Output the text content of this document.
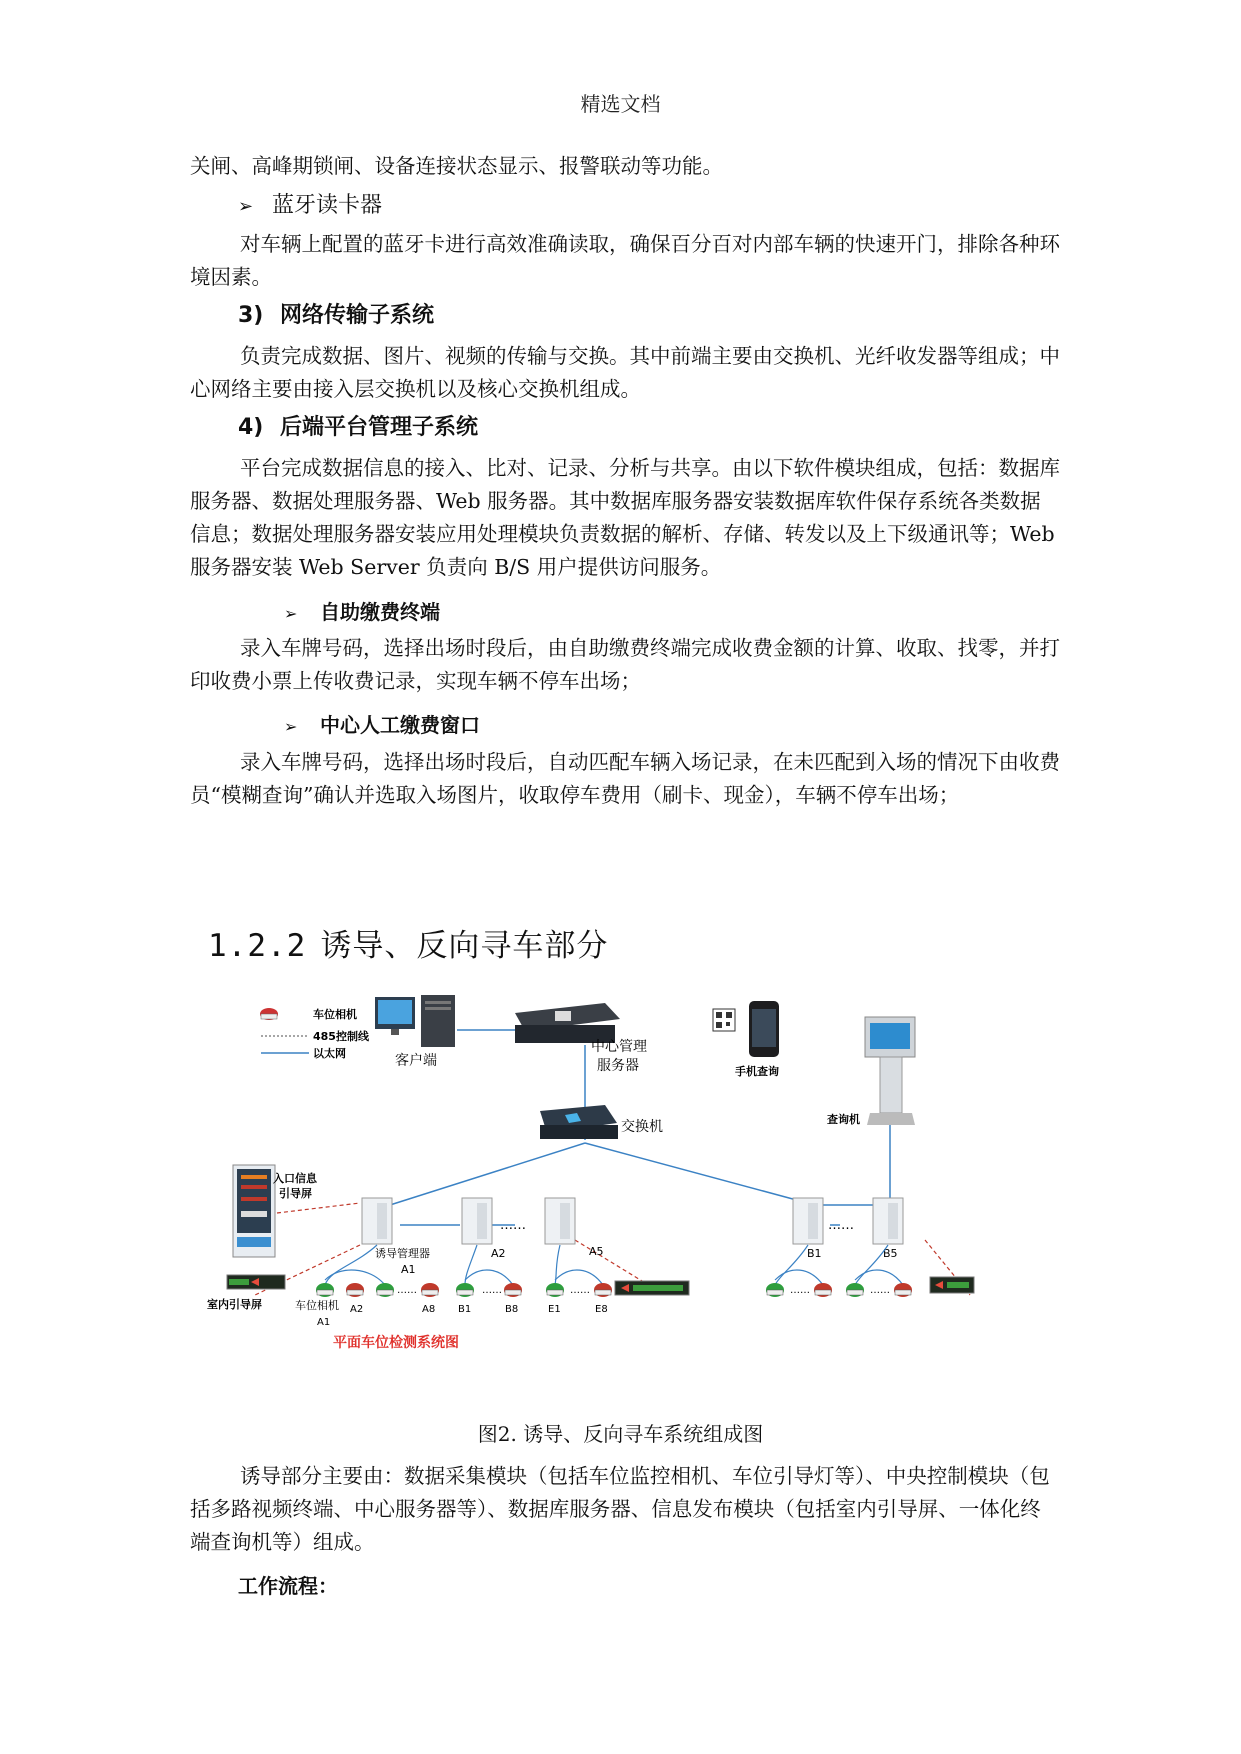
精选文档

关闸、高峰期锁闸、设备连接状态显示、报警联动等功能。

➢ 蓝牙读卡器

对车辆上配置的蓝牙卡进行高效准确读取，确保百分百对内部车辆的快速开门，排除各种环境因素。

3) 网络传输子系统

负责完成数据、图片、视频的传输与交换。其中前端主要由交换机、光纤收发器等组成；中心网络主要由接入层交换机以及核心交换机组成。

4) 后端平台管理子系统

平台完成数据信息的接入、比对、记录、分析与共享。由以下软件模块组成，包括：数据库服务器、数据处理服务器、Web 服务器。其中数据库服务器安装数据库软件保存系统各类数据信息；数据处理服务器安装应用处理模块负责数据的解析、存储、转发以及上下级通讯等；Web 服务器安装 Web Server 负责向 B/S 用户提供访问服务。

➢ 自助缴费终端

录入车牌号码，选择出场时段后，由自助缴费终端完成收费金额的计算、收取、找零，并打印收费小票上传收费记录，实现车辆不停车出场；

➢ 中心人工缴费窗口

录入车牌号码，选择出场时段后，自动匹配车辆入场记录，在未匹配到入场的情况下由收费员“模糊查询”确认并选取入场图片，收取停车费用（刷卡、现金），车辆不停车出场；

1.2.2 诱导、反向寻车部分
车位相机
485控制线
以太网	客户端
中心管理
服务器	手机查询
查询机
交换机
入口信息
引导屏
……	……
诱导管理器
A1
A2	A5	B1	B5
……	……	……	……	……
室内引导屏	车位相机
A1
A2	A8 B1	B8	E1	E8
平面车位检测系统图
图2. 诱导、反向寻车系统组成图

诱导部分主要由：数据采集模块（包括车位监控相机、车位引导灯等）、中央控制模块（包括多路视频终端、中心服务器等）、数据库服务器、信息发布模块（包括室内引导屏、一体化终端查询机等）组成。

工作流程：
